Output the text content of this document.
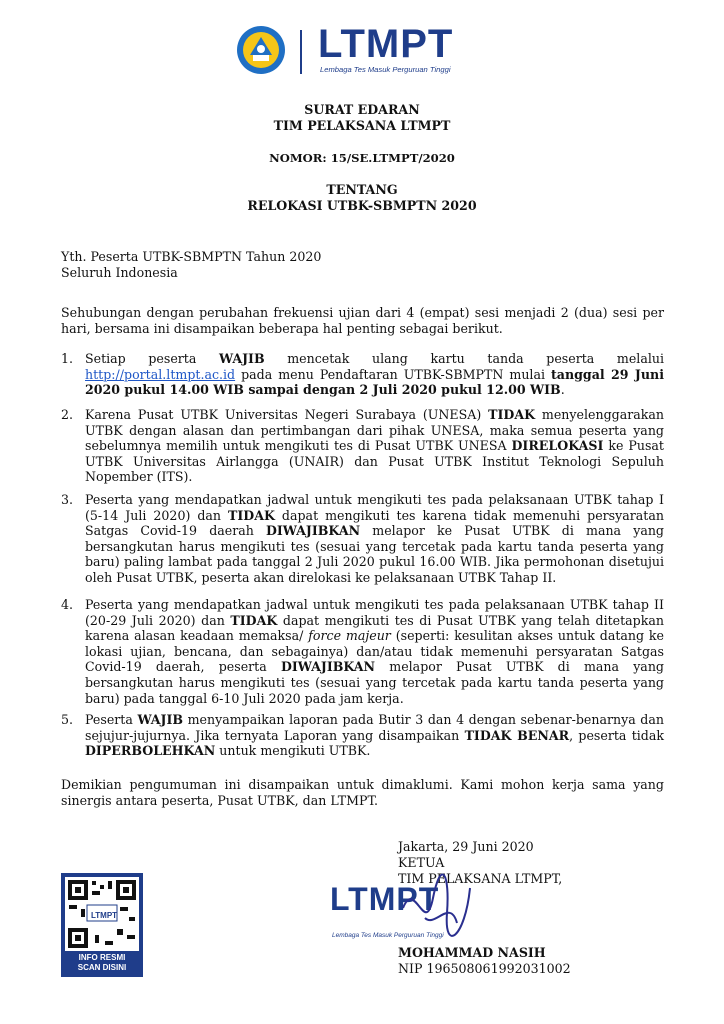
LTMPT
Lembaga Tes Masuk Perguruan Tinggi
SURAT EDARAN
TIM PELAKSANA LTMPT
NOMOR: 15/SE.LTMPT/2020
TENTANG
RELOKASI UTBK-SBMPTN 2020
Yth. Peserta UTBK-SBMPTN Tahun 2020
Seluruh Indonesia
Sehubungan dengan perubahan frekuensi ujian dari 4 (empat) sesi menjadi 2 (dua) sesi per hari, bersama ini disampaikan beberapa hal penting sebagai berikut.
1. Setiap peserta WAJIB mencetak ulang kartu tanda peserta melalui http://portal.ltmpt.ac.id pada menu Pendaftaran UTBK-SBMPTN mulai tanggal 29 Juni 2020 pukul 14.00 WIB sampai dengan 2 Juli 2020 pukul 12.00 WIB.
2. Karena Pusat UTBK Universitas Negeri Surabaya (UNESA) TIDAK menyelenggarakan UTBK dengan alasan dan pertimbangan dari pihak UNESA, maka semua peserta yang sebelumnya memilih untuk mengikuti tes di Pusat UTBK UNESA DIRELOKASI ke Pusat UTBK Universitas Airlangga (UNAIR) dan Pusat UTBK Institut Teknologi Sepuluh Nopember (ITS).
3. Peserta yang mendapatkan jadwal untuk mengikuti tes pada pelaksanaan UTBK tahap I (5-14 Juli 2020) dan TIDAK dapat mengikuti tes karena tidak memenuhi persyaratan Satgas Covid-19 daerah DIWAJIBKAN melapor ke Pusat UTBK di mana yang bersangkutan harus mengikuti tes (sesuai yang tercetak pada kartu tanda peserta yang baru) paling lambat pada tanggal 2 Juli 2020 pukul 16.00 WIB. Jika permohonan disetujui oleh Pusat UTBK, peserta akan direlokasi ke pelaksanaan UTBK Tahap II.
4. Peserta yang mendapatkan jadwal untuk mengikuti tes pada pelaksanaan UTBK tahap II (20-29 Juli 2020) dan TIDAK dapat mengikuti tes di Pusat UTBK yang telah ditetapkan karena alasan keadaan memaksa/ force majeur (seperti: kesulitan akses untuk datang ke lokasi ujian, bencana, dan sebagainya) dan/atau tidak memenuhi persyaratan Satgas Covid-19 daerah, peserta DIWAJIBKAN melapor Pusat UTBK di mana yang bersangkutan harus mengikuti tes (sesuai yang tercetak pada kartu tanda peserta yang baru) pada tanggal 6-10 Juli 2020 pada jam kerja.
5. Peserta WAJIB menyampaikan laporan pada Butir 3 dan 4 dengan sebenar-benarnya dan sejujur-jujurnya. Jika ternyata Laporan yang disampaikan TIDAK BENAR, peserta tidak DIPERBOLEHKAN untuk mengikuti UTBK.
Demikian pengumuman ini disampaikan untuk dimaklumi. Kami mohon kerja sama yang sinergis antara peserta, Pusat UTBK, dan LTMPT.
Jakarta, 29 Juni 2020
KETUA
TIM PELAKSANA LTMPT,
LTMPT
Lembaga Tes Masuk Perguruan Tinggi
MOHAMMAD NASIH
NIP 196508061992031002
LTMPT
INFO RESMI
SCAN DISINI
